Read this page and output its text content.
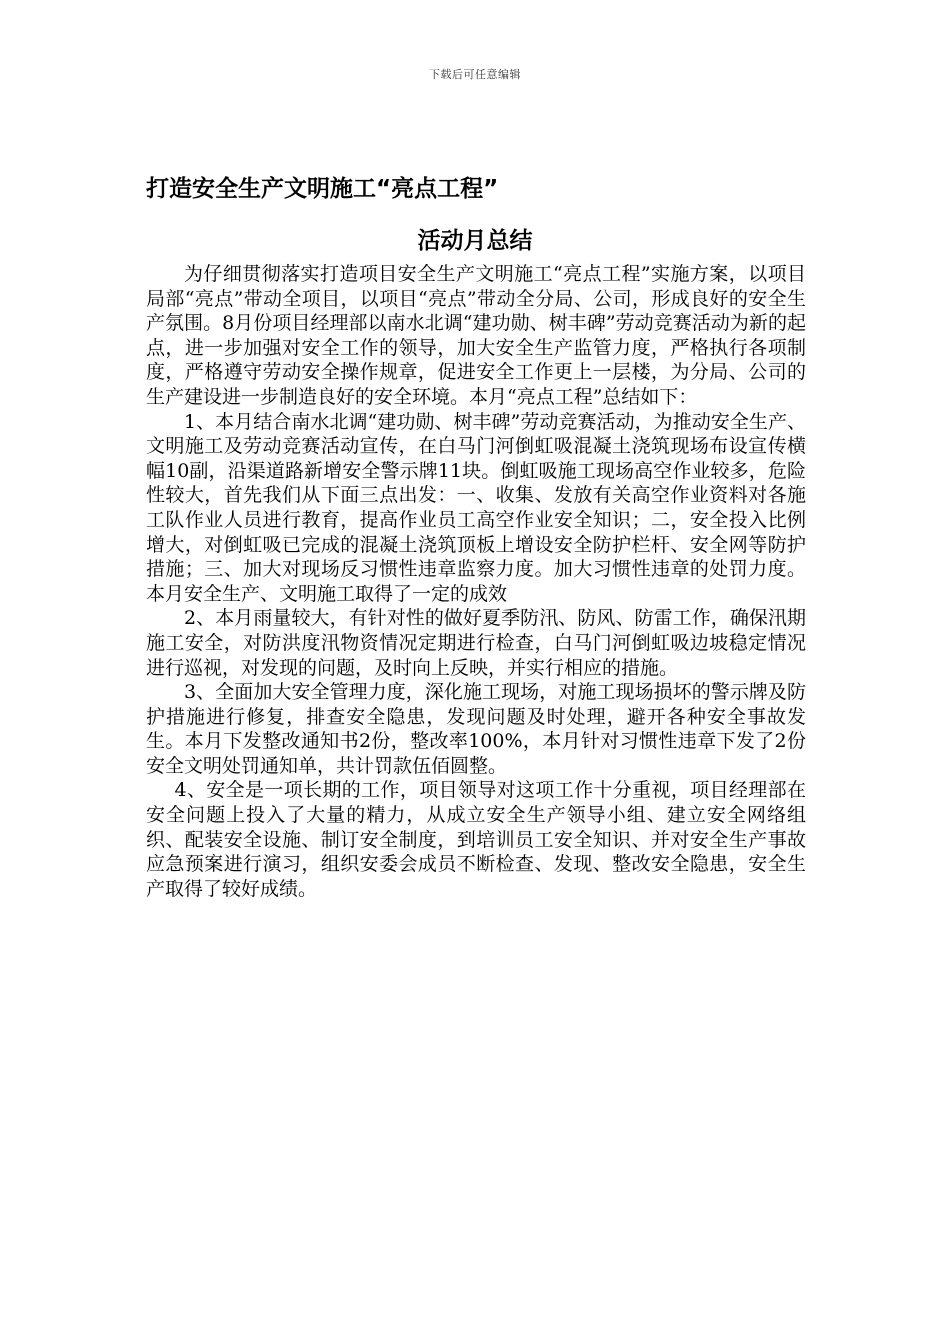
下载后可任意编辑
打造安全生产文明施工“亮点工程”
活动月总结

为仔细贯彻落实打造项目安全生产文明施工“亮点工程”实施方案，以项目局部“亮点”带动全项目，以项目“亮点”带动全分局、公司，形成良好的安全生产氛围。8月份项目经理部以南水北调“建功勋、树丰碑”劳动竞赛活动为新的起点，进一步加强对安全工作的领导，加大安全生产监管力度，严格执行各项制度，严格遵守劳动安全操作规章，促进安全工作更上一层楼，为分局、公司的生产建设进一步制造良好的安全环境。本月“亮点工程”总结如下：

1、本月结合南水北调“建功勋、树丰碑”劳动竞赛活动，为推动安全生产、文明施工及劳动竞赛活动宣传，在白马门河倒虹吸混凝土浇筑现场布设宣传横幅10副，沿渠道路新增安全警示牌11块。倒虹吸施工现场高空作业较多，危险性较大，首先我们从下面三点出发：一、收集、发放有关高空作业资料对各施工队作业人员进行教育，提高作业员工高空作业安全知识；二，安全投入比例增大，对倒虹吸已完成的混凝土浇筑顶板上增设安全防护栏杆、安全网等防护措施；三、加大对现场反习惯性违章监察力度。加大习惯性违章的处罚力度。本月安全生产、文明施工取得了一定的成效

2、本月雨量较大，有针对性的做好夏季防汛、防风、防雷工作，确保汛期施工安全，对防洪度汛物资情况定期进行检查，白马门河倒虹吸边坡稳定情况进行巡视，对发现的问题，及时向上反映，并实行相应的措施。

3、全面加大安全管理力度，深化施工现场，对施工现场损坏的警示牌及防护措施进行修复，排查安全隐患，发现问题及时处理，避开各种安全事故发生。本月下发整改通知书2份，整改率100%，本月针对习惯性违章下发了2份安全文明处罚通知单，共计罚款伍佰圆整。

4、安全是一项长期的工作，项目领导对这项工作十分重视，项目经理部在安全问题上投入了大量的精力，从成立安全生产领导小组、建立安全网络组织、配装安全设施、制订安全制度，到培训员工安全知识、并对安全生产事故应急预案进行演习，组织安委会成员不断检查、发现、整改安全隐患，安全生产取得了较好成绩。
